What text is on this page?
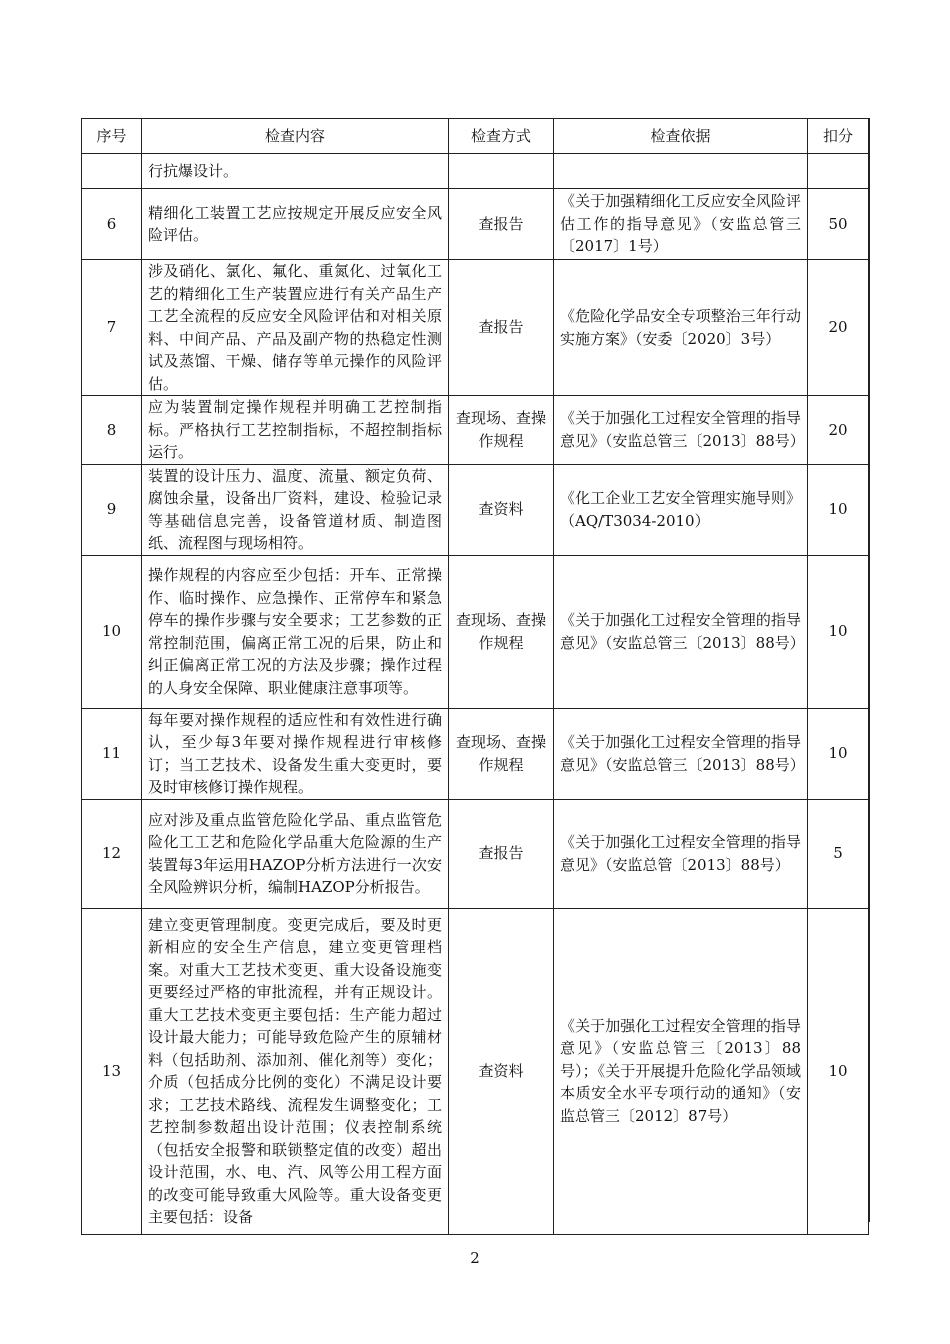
序号	检查内容	检查方式	检查依据	扣分
	行抗爆设计。			
6	精细化工装置工艺应按规定开展反应安全风险评估。	查报告	《关于加强精细化工反应安全风险评估工作的指导意见》（安监总管三〔2017〕1号）	50
7	涉及硝化、氯化、氟化、重氮化、过氧化工艺的精细化工生产装置应进行有关产品生产工艺全流程的反应安全风险评估和对相关原料、中间产品、产品及副产物的热稳定性测试及蒸馏、干燥、储存等单元操作的风险评估。	查报告	《危险化学品安全专项整治三年行动实施方案》（安委〔2020〕3号）	20
8	应为装置制定操作规程并明确工艺控制指标。严格执行工艺控制指标，不超控制指标运行。	查现场、查操作规程	《关于加强化工过程安全管理的指导意见》（安监总管三〔2013〕88号）	20
9	装置的设计压力、温度、流量、额定负荷、腐蚀余量，设备出厂资料，建设、检验记录等基础信息完善，设备管道材质、制造图纸、流程图与现场相符。	查资料	《化工企业工艺安全管理实施导则》（AQ/T3034-2010）	10
10	操作规程的内容应至少包括：开车、正常操作、临时操作、应急操作、正常停车和紧急停车的操作步骤与安全要求；工艺参数的正常控制范围，偏离正常工况的后果，防止和纠正偏离正常工况的方法及步骤；操作过程的人身安全保障、职业健康注意事项等。	查现场、查操作规程	《关于加强化工过程安全管理的指导意见》（安监总管三〔2013〕88号）	10
11	每年要对操作规程的适应性和有效性进行确认，至少每3年要对操作规程进行审核修订；当工艺技术、设备发生重大变更时，要及时审核修订操作规程。	查现场、查操作规程	《关于加强化工过程安全管理的指导意见》（安监总管三〔2013〕88号）	10
12	应对涉及重点监管危险化学品、重点监管危险化工工艺和危险化学品重大危险源的生产装置每3年运用HAZOP分析方法进行一次安全风险辨识分析，编制HAZOP分析报告。	查报告	《关于加强化工过程安全管理的指导意见》（安监总管〔2013〕88号）	5
13	建立变更管理制度。变更完成后，要及时更新相应的安全生产信息，建立变更管理档案。对重大工艺技术变更、重大设备设施变更要经过严格的审批流程，并有正规设计。重大工艺技术变更主要包括：生产能力超过设计最大能力；可能导致危险产生的原辅材料（包括助剂、添加剂、催化剂等）变化；介质（包括成分比例的变化）不满足设计要求；工艺技术路线、流程发生调整变化；工艺控制参数超出设计范围；仪表控制系统（包括安全报警和联锁整定值的改变）超出设计范围，水、电、汽、风等公用工程方面的改变可能导致重大风险等。重大设备变更主要包括：设备	查资料	《关于加强化工过程安全管理的指导意见》（安监总管三〔2013〕88号）；《关于开展提升危险化学品领域本质安全水平专项行动的通知》（安监总管三〔2012〕87号）	10
2
